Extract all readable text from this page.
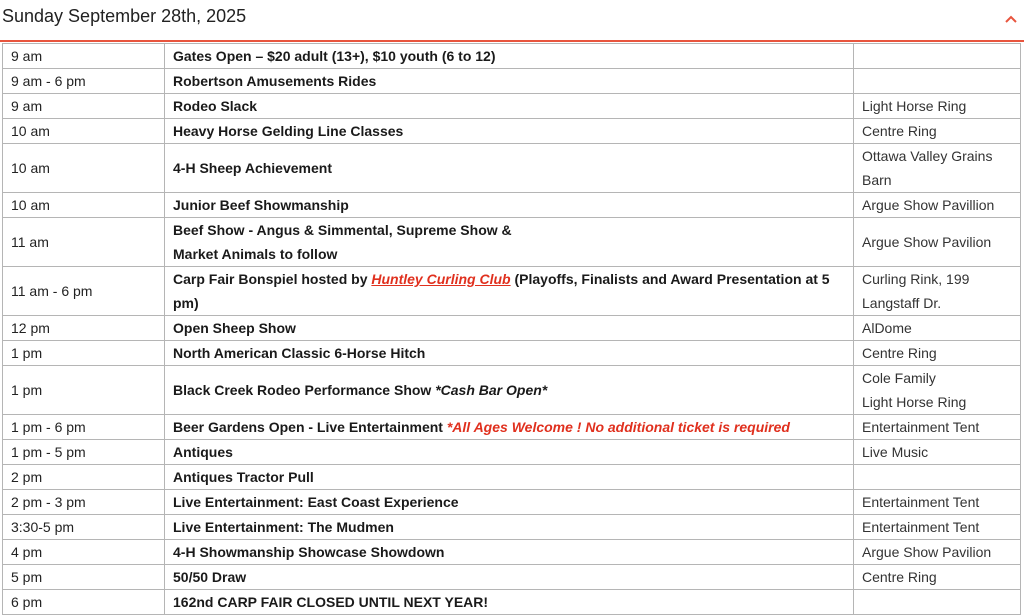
Sunday September 28th, 2025
9 am	Gates Open – $20 adult (13+), $10 youth (6 to 12)	
9 am - 6 pm	Robertson Amusements Rides	
9 am	Rodeo Slack	Light Horse Ring
10 am	Heavy Horse Gelding Line Classes	Centre Ring
10 am	4-H Sheep Achievement	Ottawa Valley Grains
Barn

10 am	Junior Beef Showmanship	Argue Show Pavillion
11 am	Beef Show - Angus & Simmental, Supreme Show &
Market Animals to follow	Argue Show Pavilion
11 am - 6 pm	Carp Fair Bonspiel hosted by Huntley Curling Club (Playoffs, Finalists and Award Presentation at 5 pm)	Curling Rink, 199
Langstaff Dr.

12 pm	Open Sheep Show	AlDome
1 pm	North American Classic 6-Horse Hitch	Centre Ring
1 pm	Black Creek Rodeo Performance Show *Cash Bar Open*	Cole Family
Light Horse Ring

1 pm - 6 pm	Beer Gardens Open - Live Entertainment *All Ages Welcome ! No additional ticket is required	Entertainment Tent
1 pm - 5 pm	Antiques	Live Music
2 pm	Antiques Tractor Pull	
2 pm - 3 pm	Live Entertainment: East Coast Experience	Entertainment Tent
3:30-5 pm	Live Entertainment: The Mudmen	Entertainment Tent
4 pm	4-H Showmanship Showcase Showdown	Argue Show Pavilion
5 pm	50/50 Draw	Centre Ring
6 pm	162nd CARP FAIR CLOSED UNTIL NEXT YEAR!	
